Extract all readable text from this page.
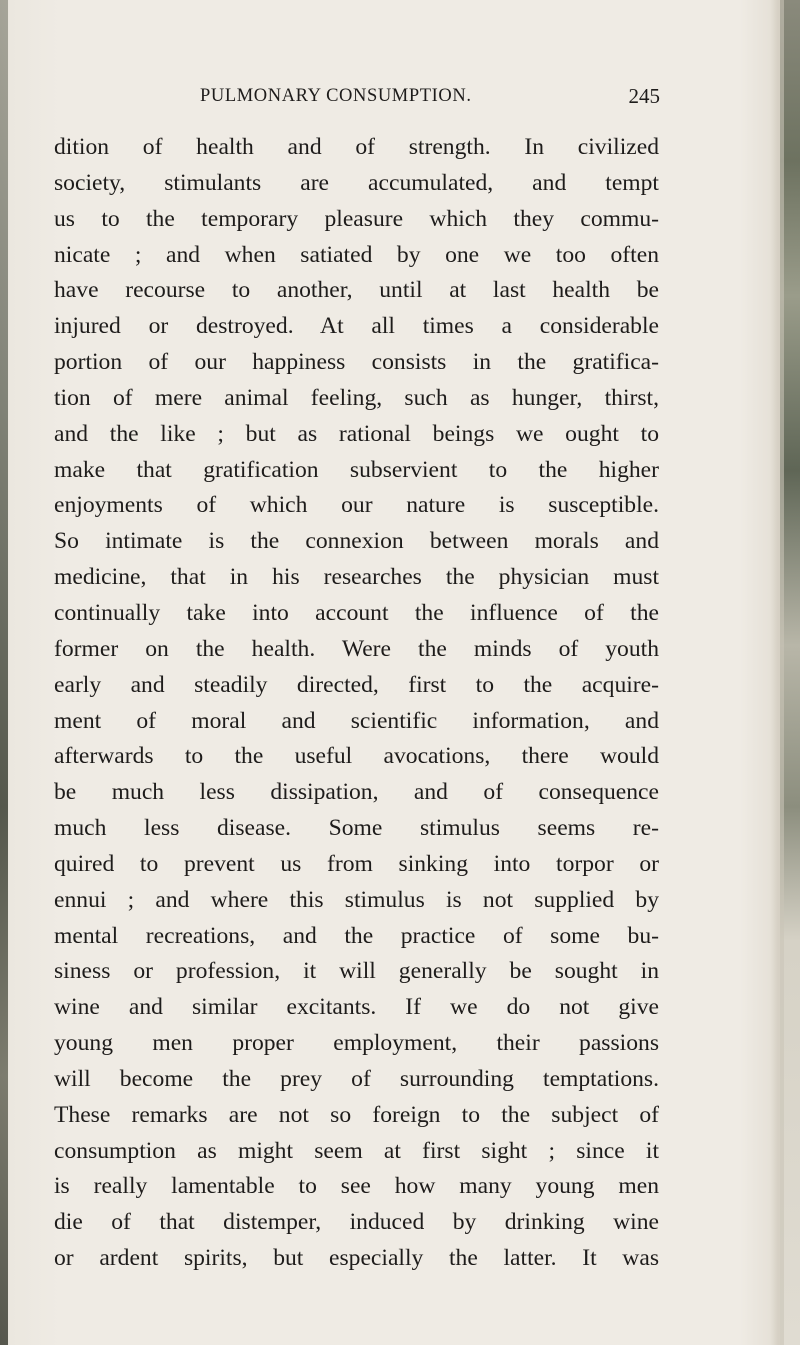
PULMONARY CONSUMPTION.	245
dition of health and of strength. In civilized
society, stimulants are accumulated, and tempt
us to the temporary pleasure which they commu-
nicate ; and when satiated by one we too often
have recourse to another, until at last health be
injured or destroyed. At all times a considerable
portion of our happiness consists in the gratifica-
tion of mere animal feeling, such as hunger, thirst,
and the like ; but as rational beings we ought to
make that gratification subservient to the higher
enjoyments of which our nature is susceptible.
So intimate is the connexion between morals and
medicine, that in his researches the physician must
continually take into account the influence of the
former on the health. Were the minds of youth
early and steadily directed, first to the acquire-
ment of moral and scientific information, and
afterwards to the useful avocations, there would
be much less dissipation, and of consequence
much less disease. Some stimulus seems re-
quired to prevent us from sinking into torpor or
ennui ; and where this stimulus is not supplied by
mental recreations, and the practice of some bu-
siness or profession, it will generally be sought in
wine and similar excitants. If we do not give
young men proper employment, their passions
will become the prey of surrounding temptations.
These remarks are not so foreign to the subject of
consumption as might seem at first sight ; since it
is really lamentable to see how many young men
die of that distemper, induced by drinking wine
or ardent spirits, but especially the latter. It was
